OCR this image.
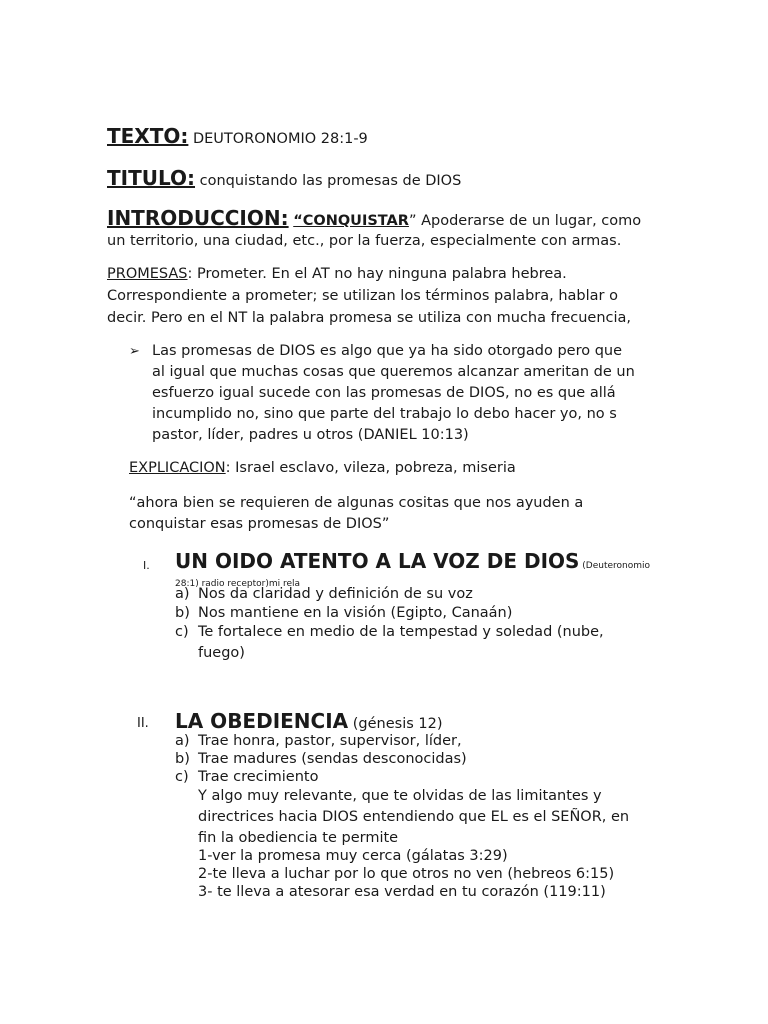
TEXTO: DEUTORONOMIO 28:1-9
TITULO: conquistando las promesas de DIOS
INTRODUCCION: “CONQUISTAR” Apoderarse de un lugar, como
un territorio, una ciudad, etc., por la fuerza, especialmente con armas.
PROMESAS: Prometer. En el AT no hay ninguna palabra hebrea.
Correspondiente a prometer; se utilizan los términos palabra, hablar o
decir. Pero en el NT la palabra promesa se utiliza con mucha frecuencia,
➢ Las promesas de DIOS es algo que ya ha sido otorgado pero que
al igual que muchas cosas que queremos alcanzar ameritan de un
esfuerzo igual sucede con las promesas de DIOS, no es que allá
incumplido no, sino que parte del trabajo lo debo hacer yo, no s
pastor, líder, padres u otros (DANIEL 10:13)
EXPLICACION: Israel esclavo, vileza, pobreza, miseria
“ahora bien se requieren de algunas cositas que nos ayuden a
conquistar esas promesas de DIOS”
I. UN OIDO ATENTO A LA VOZ DE DIOS (Deuteronomio
28:1) radio receptor)mi rela
a) Nos da claridad y definición de su voz
b) Nos mantiene en la visión (Egipto, Canaán)
c) Te fortalece en medio de la tempestad y soledad (nube,
fuego)
II. LA OBEDIENCIA (génesis 12)
a) Trae honra, pastor, supervisor, líder,
b) Trae madures (sendas desconocidas)
c) Trae crecimiento
Y algo muy relevante, que te olvidas de las limitantes y
directrices hacia DIOS entendiendo que EL es el SEÑOR, en
fin la obediencia te permite
1-ver la promesa muy cerca (gálatas 3:29)
2-te lleva a luchar por lo que otros no ven (hebreos 6:15)
3- te lleva a atesorar esa verdad en tu corazón (119:11)
